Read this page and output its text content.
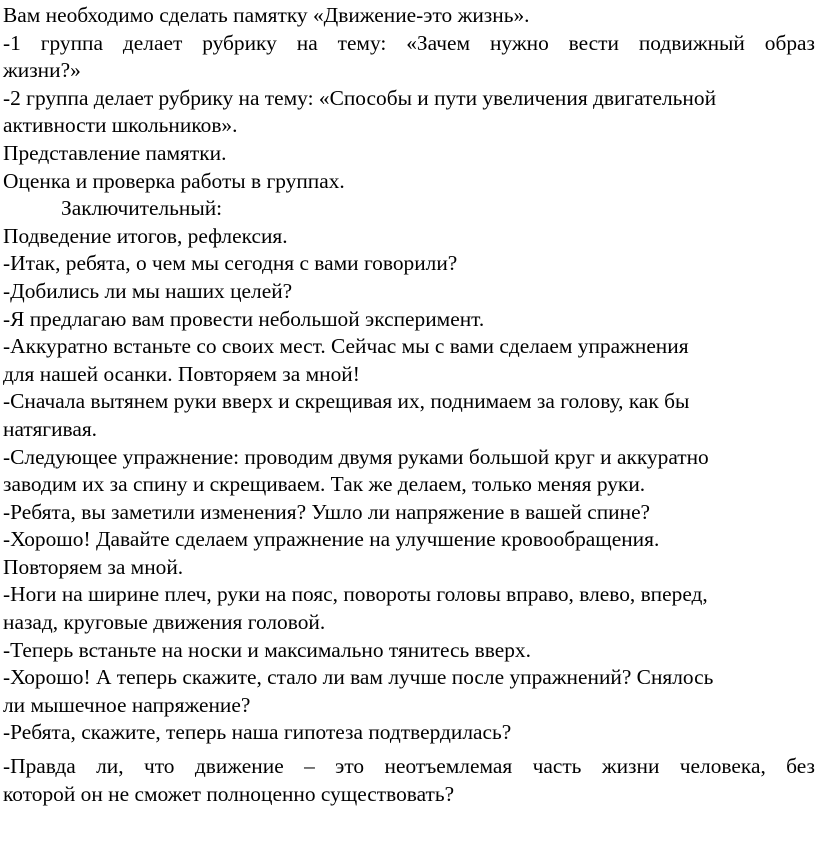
Вам необходимо сделать памятку «Движение-это жизнь».
-1 группа делает рубрику на тему: «Зачем нужно вести подвижный образ
жизни?»
-2 группа делает рубрику на тему: «Способы и пути увеличения двигательной
активности школьников».
Представление памятки.
Оценка и проверка работы в группах.
Заключительный:
Подведение итогов, рефлексия.
-Итак, ребята, о чем мы сегодня с вами говорили?
-Добились ли мы наших целей?
-Я предлагаю вам провести небольшой эксперимент.
-Аккуратно встаньте со своих мест. Сейчас мы с вами сделаем упражнения
для нашей осанки. Повторяем за мной!
-Сначала вытянем руки вверх и скрещивая их, поднимаем за голову, как бы
натягивая.
-Следующее упражнение: проводим двумя руками большой круг и аккуратно
заводим их за спину и скрещиваем. Так же делаем, только меняя руки.
-Ребята, вы заметили изменения? Ушло ли напряжение в вашей спине?
-Хорошо! Давайте сделаем упражнение на улучшение кровообращения.
Повторяем за мной.
-Ноги на ширине плеч, руки на пояс, повороты головы вправо, влево, вперед,
назад, круговые движения головой.
-Теперь встаньте на носки и максимально тянитесь вверх.
-Хорошо! А теперь скажите, стало ли вам лучше после упражнений? Снялось
ли мышечное напряжение?
-Ребята, скажите, теперь наша гипотеза подтвердилась?
-Правда ли, что движение – это неотъемлемая часть жизни человека, без
которой он не сможет полноценно существовать?
